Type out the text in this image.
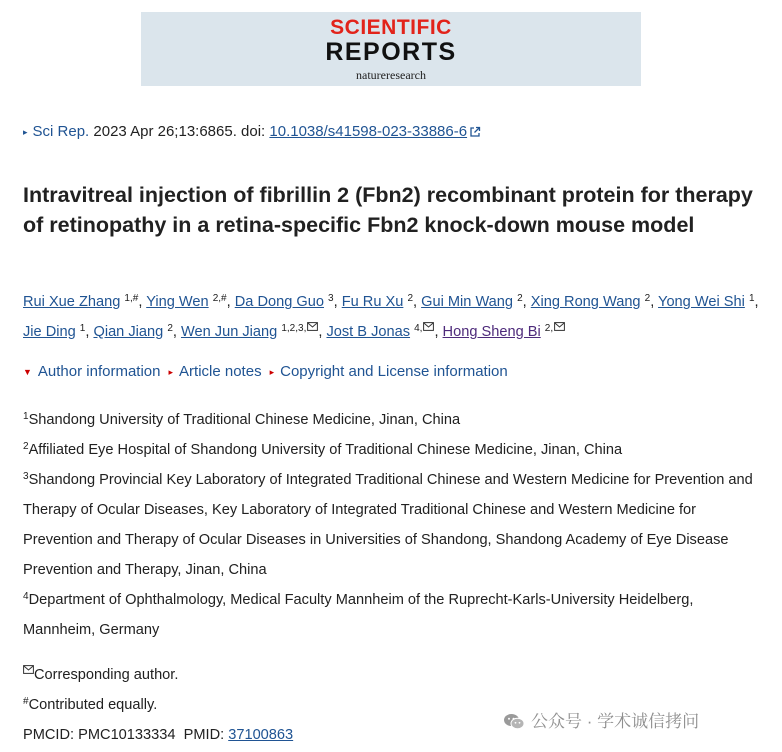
SCIENTIFIC
REPORTS
natureresearch
▸ Sci Rep. 2023 Apr 26;13:6865. doi: 10.1038/s41598-023-33886-6
Intravitreal injection of fibrillin 2 (Fbn2) recombinant protein for therapy of retinopathy in a retina-specific Fbn2 knock-down mouse model
Rui Xue Zhang $^{1,\#}$, Ying Wen $^{2,\#}$, Da Dong Guo $^3$, Fu Ru Xu $^2$, Gui Min Wang $^2$, Xing Rong Wang $^2$, Yong Wei Shi $^1$, Jie Ding $^1$, Qian Jiang $^2$, Wen Jun Jiang $^{1,2,3,}$ , Jost B Jonas $^{4,}$ , Hong Sheng Bi $^{2,}$
▼ Author information ▸ Article notes ▸ Copyright and License information
$^1$Shandong University of Traditional Chinese Medicine, Jinan, China
$^2$Affiliated Eye Hospital of Shandong University of Traditional Chinese Medicine, Jinan, China
$^3$Shandong Provincial Key Laboratory of Integrated Traditional Chinese and Western Medicine for Prevention and Therapy of Ocular Diseases, Key Laboratory of Integrated Traditional Chinese and Western Medicine for Prevention and Therapy of Ocular Diseases in Universities of Shandong, Shandong Academy of Eye Disease Prevention and Therapy, Jinan, China
$^4$Department of Ophthalmology, Medical Faculty Mannheim of the Ruprecht-Karls-University Heidelberg, Mannheim, Germany
Corresponding author.
#Contributed equally.
PMCID: PMC10133334  PMID: 37100863
公众号 · 学术诚信拷问
